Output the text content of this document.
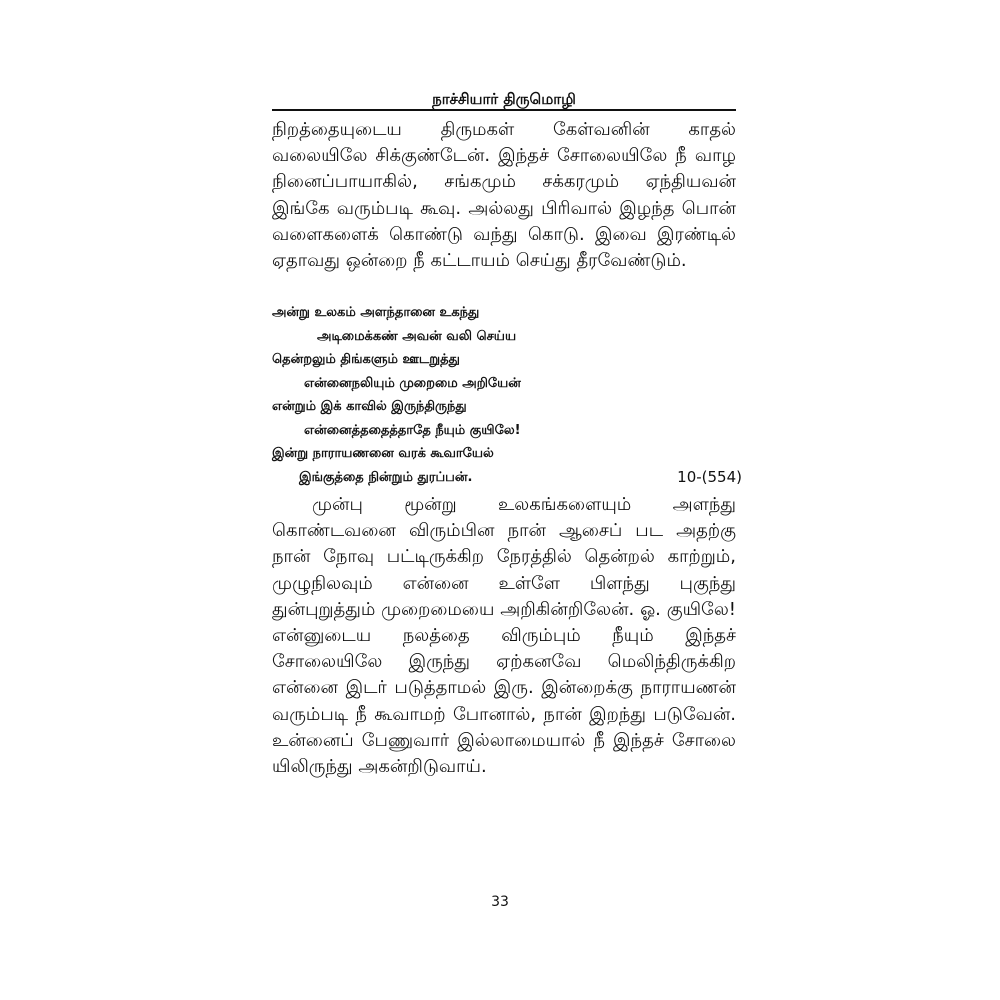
நாச்சியார் திருமொழி

நிறத்தையுடைய திருமகள் கேள்வனின் காதல் வலையிலே சிக்குண்டேன். இந்தச் சோலையிலே நீ வாழ நினைப்பாயாகில், சங்கமும் சக்கரமும் ஏந்தியவன் இங்கே வரும்படி கூவு. அல்லது பிரிவால் இழந்த பொன் வளைகளைக் கொண்டு வந்து கொடு. இவை இரண்டில் ஏதாவது ஒன்றை நீ கட்டாயம் செய்து தீரவேண்டும்.

அன்று உலகம் அளந்தானை உகந்து
அடிமைக்கண் அவன் வலி செய்ய
தென்றலும் திங்களும் ஊடறுத்து
என்னைநலியும் முறைமை அறியேன்
என்றும் இக் காவில் இருந்திருந்து
என்னைத்ததைத்தாதே நீயும் குயிலே!
இன்று நாராயணனை வரக் கூவாயேல்
இங்குத்தை நின்றும் துரப்பன்.	10-(554)

முன்பு மூன்று உலகங்களையும் அளந்து கொண்டவனை விரும்பின நான் ஆசைப் பட அதற்கு நான் நோவு பட்டிருக்கிற நேரத்தில் தென்றல் காற்றும், முழுநிலவும் என்னை உள்ளே பிளந்து புகுந்து துன்புறுத்தும் முறைமையை அறிகின்றிலேன். ஓ. குயிலே! என்னுடைய நலத்தை விரும்பும் நீயும் இந்தச் சோலையிலே இருந்து ஏற்கனவே மெலிந்திருக்கிற என்னை இடர் படுத்தாமல் இரு. இன்றைக்கு நாராயணன் வரும்படி நீ கூவாமற் போனால், நான் இறந்து படுவேன். உன்னைப் பேணுவார் இல்லாமையால் நீ இந்தச் சோலை யிலிருந்து அகன்றிடுவாய்.

33
